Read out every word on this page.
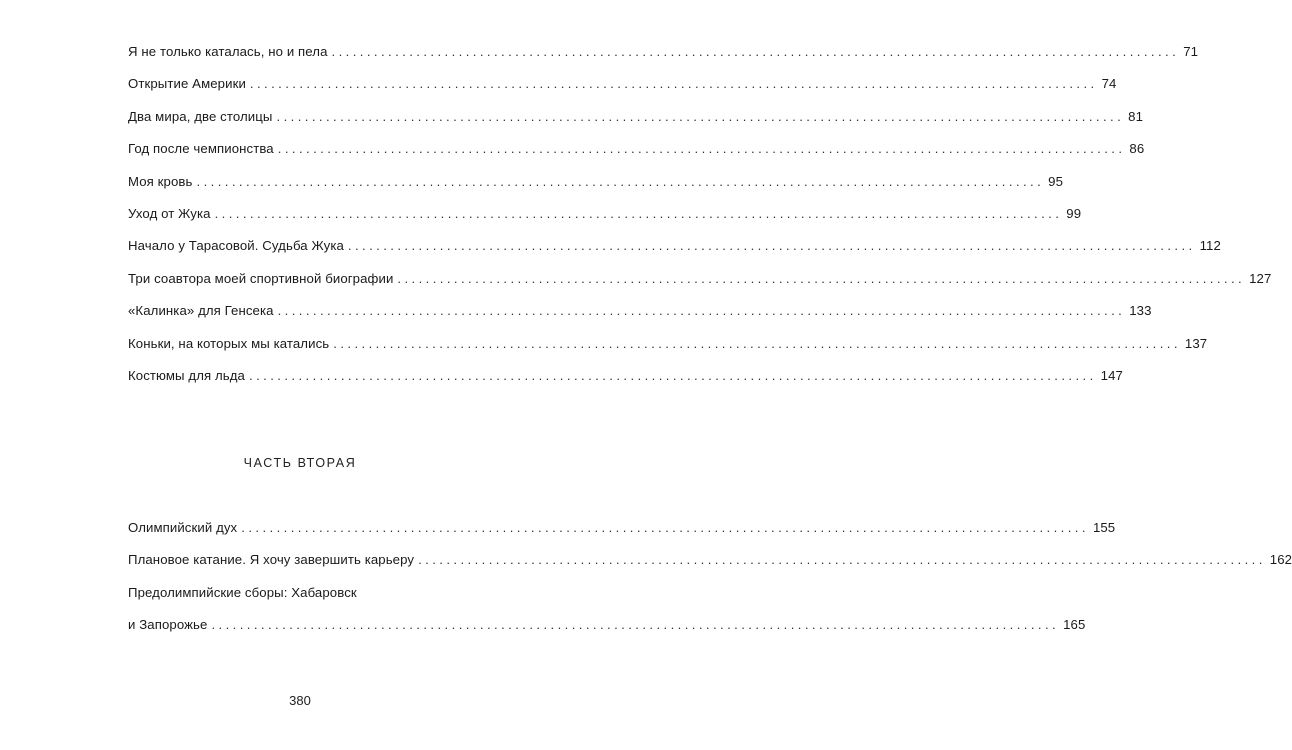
Я не только каталась, но и пела ........................................................................................................................ 71
Открытие Америки ........................................................................................................................ 74
Два мира, две столицы ........................................................................................................................ 81
Год после чемпионства ........................................................................................................................ 86
Моя кровь ........................................................................................................................ 95
Уход от Жука ........................................................................................................................ 99
Начало у Тарасовой. Судьба Жука ........................................................................................................................ 112
Три соавтора моей спортивной биографии ........................................................................................................................ 127
«Калинка» для Генсека ........................................................................................................................ 133
Коньки, на которых мы катались ........................................................................................................................ 137
Костюмы для льда ........................................................................................................................ 147
ЧАСТЬ ВТОРАЯ
Олимпийский дух ........................................................................................................................ 155
Плановое катание. Я хочу завершить карьеру ........................................................................................................................ 162
Предолимпийские сборы: Хабаровск
и Запорожье ........................................................................................................................ 165
380
